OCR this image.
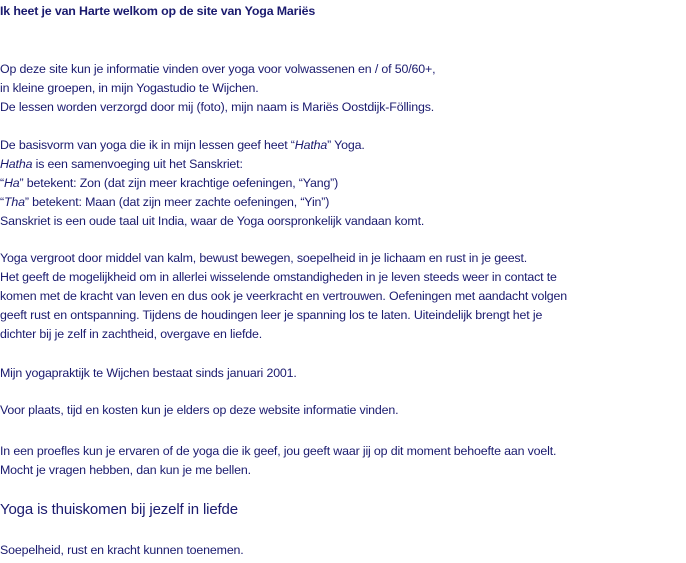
Ik heet je van Harte welkom op de site van Yoga Mariës
Op deze site kun je informatie vinden over yoga voor volwassenen en / of 50/60+,
in kleine groepen, in mijn Yogastudio te Wijchen.
De lessen worden verzorgd door mij (foto), mijn naam is Mariës Oostdijk-Föllings.
De basisvorm van yoga die ik in mijn lessen geef heet “Hatha” Yoga.
Hatha is een samenvoeging uit het Sanskriet:
“Ha” betekent: Zon (dat zijn meer krachtige oefeningen, “Yang”)
“Tha” betekent: Maan (dat zijn meer zachte oefeningen, “Yin”)
Sanskriet is een oude taal uit India, waar de Yoga oorspronkelijk vandaan komt.
Yoga vergroot door middel van kalm, bewust bewegen, soepelheid in je lichaam en rust in je geest.
Het geeft de mogelijkheid om in allerlei wisselende omstandigheden in je leven steeds weer in contact te
komen met de kracht van leven en dus ook je veerkracht en vertrouwen. Oefeningen met aandacht volgen
geeft rust en ontspanning. Tijdens de houdingen leer je spanning los te laten. Uiteindelijk brengt het je
dichter bij je zelf in zachtheid, overgave en liefde.
Mijn yogapraktijk te Wijchen bestaat sinds januari 2001.
Voor plaats, tijd en kosten kun je elders op deze website informatie vinden.
In een proefles kun je ervaren of de yoga die ik geef, jou geeft waar jij op dit moment behoefte aan voelt.
Mocht je vragen hebben, dan kun je me bellen.
Yoga is thuiskomen bij jezelf in liefde
Soepelheid, rust en kracht kunnen toenemen.
